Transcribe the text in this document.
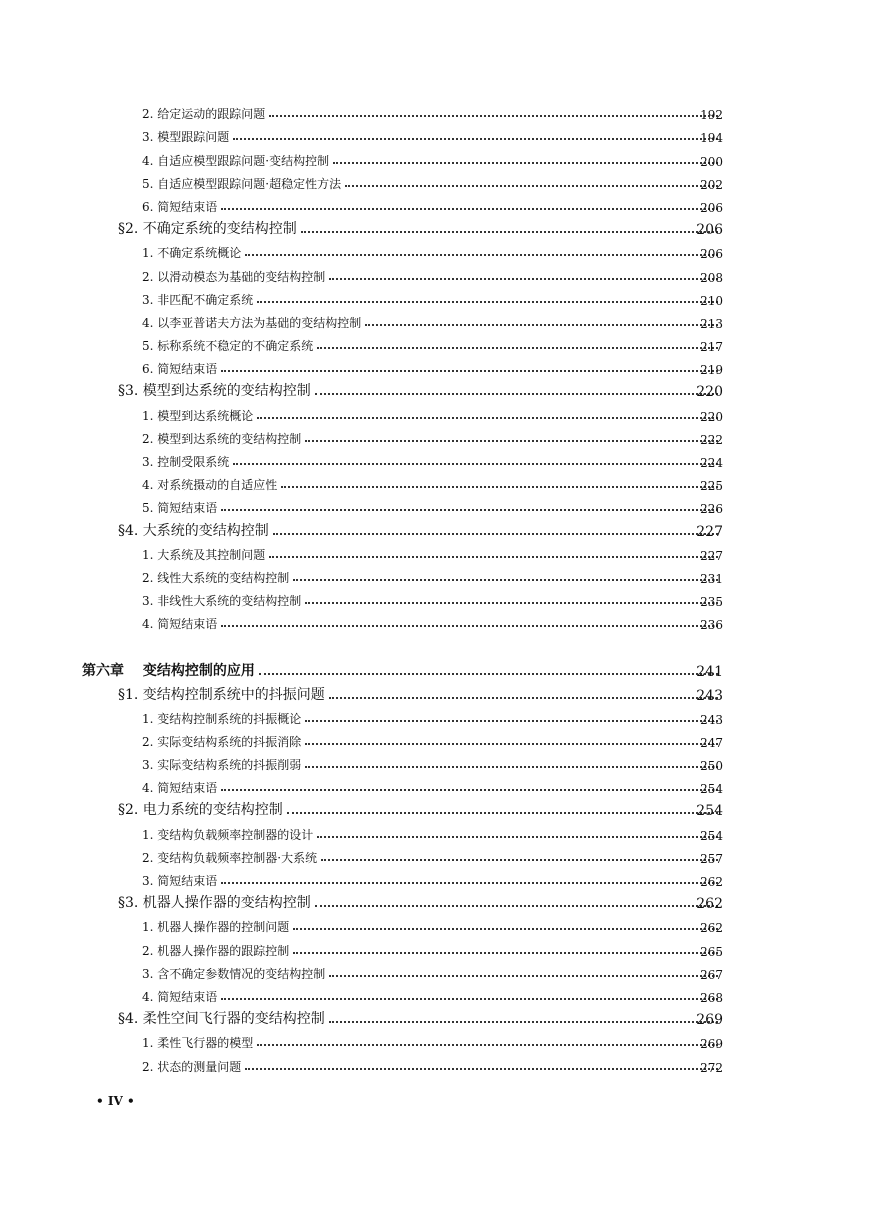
2. 给定运动的跟踪问题	192
3. 模型跟踪问题	194
4. 自适应模型跟踪问题·变结构控制	200
5. 自适应模型跟踪问题·超稳定性方法	202
6. 简短结束语	206
§2. 不确定系统的变结构控制	206
1. 不确定系统概论	206
2. 以滑动模态为基础的变结构控制	208
3. 非匹配不确定系统	210
4. 以李亚普诺夫方法为基础的变结构控制	213
5. 标称系统不稳定的不确定系统	217
6. 简短结束语	219
§3. 模型到达系统的变结构控制	220
1. 模型到达系统概论	220
2. 模型到达系统的变结构控制	222
3. 控制受限系统	224
4. 对系统摄动的自适应性	225
5. 简短结束语	226
§4. 大系统的变结构控制	227
1. 大系统及其控制问题	227
2. 线性大系统的变结构控制	231
3. 非线性大系统的变结构控制	235
4. 简短结束语	236
第六章 变结构控制的应用	241
§1. 变结构控制系统中的抖振问题	243
1. 变结构控制系统的抖振概论	243
2. 实际变结构系统的抖振消除	247
3. 实际变结构系统的抖振削弱	250
4. 简短结束语	254
§2. 电力系统的变结构控制	254
1. 变结构负载频率控制器的设计	254
2. 变结构负载频率控制器·大系统	257
3. 简短结束语	262
§3. 机器人操作器的变结构控制	262
1. 机器人操作器的控制问题	262
2. 机器人操作器的跟踪控制	265
3. 含不确定参数情况的变结构控制	267
4. 简短结束语	268
§4. 柔性空间飞行器的变结构控制	269
1. 柔性飞行器的模型	269
2. 状态的测量问题	272
• IV •
